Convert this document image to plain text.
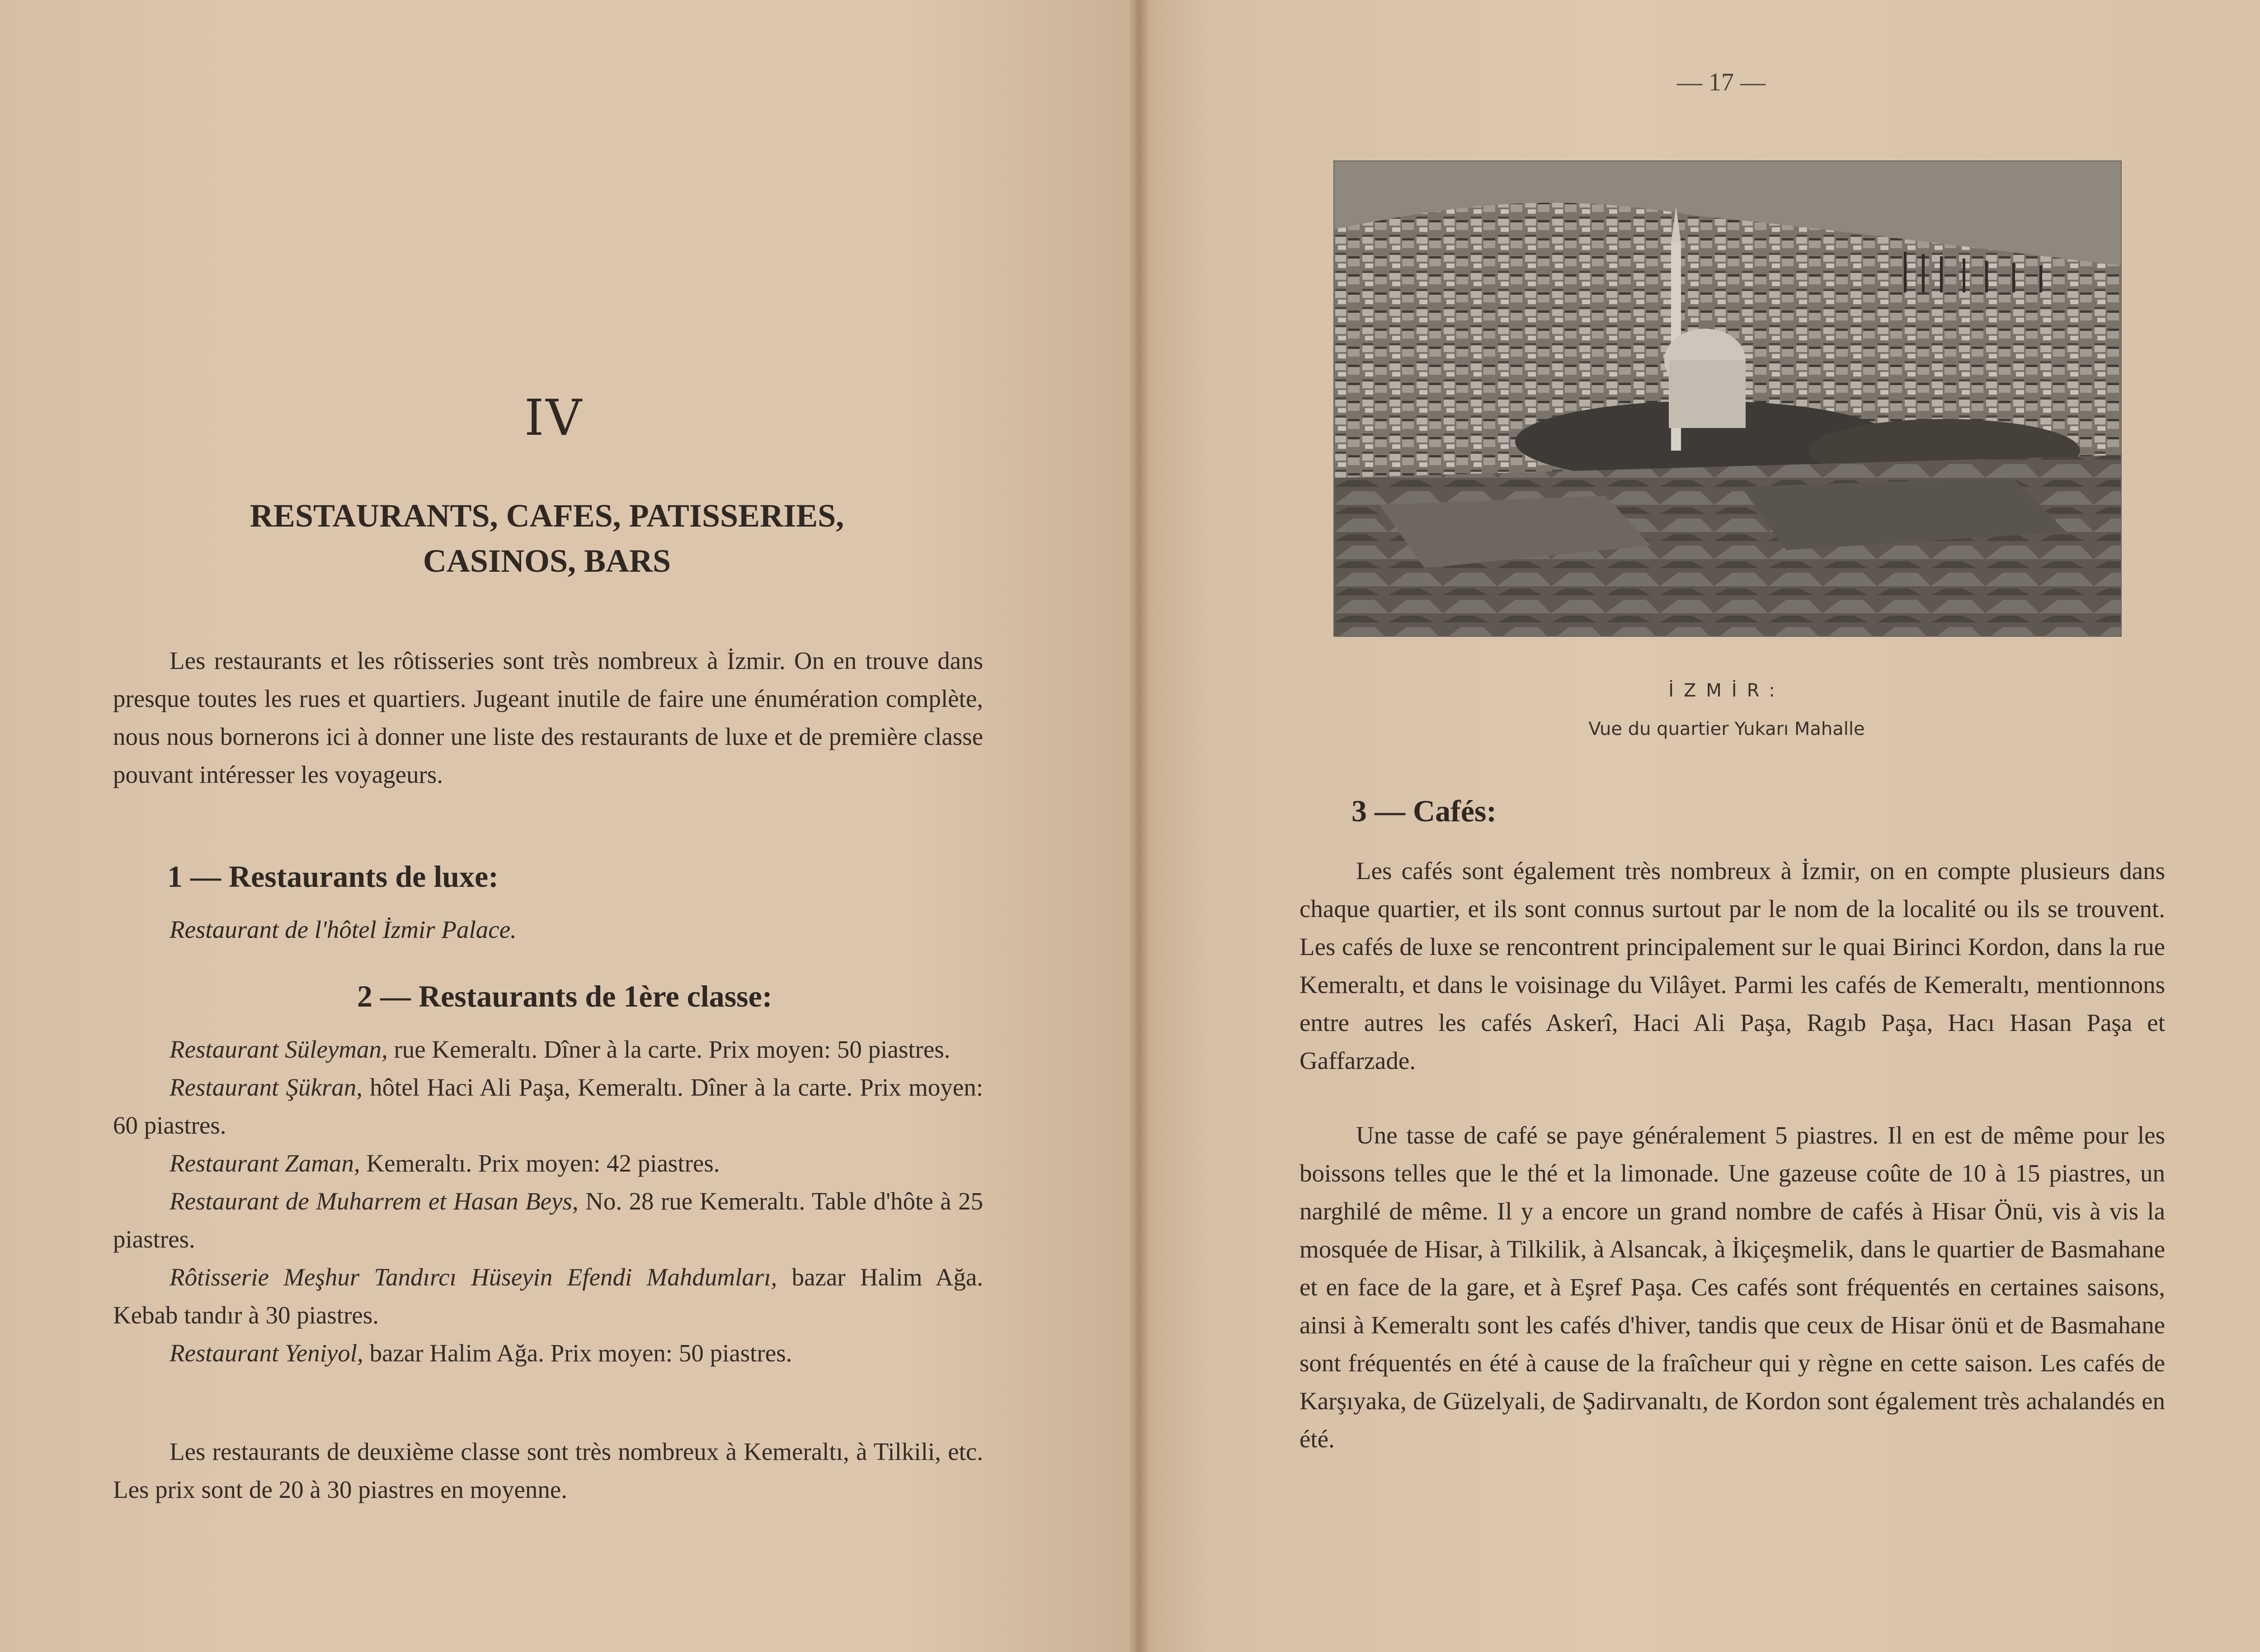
IV
RESTAURANTS, CAFES, PATISSERIES,
CASINOS, BARS
Les restaurants et les rôtisseries sont très nombreux à İzmir. On en trouve dans presque toutes les rues et quartiers. Jugeant inutile de faire une énumération complète, nous nous bornerons ici à donner une liste des restaurants de luxe et de première classe pouvant intéresser les voyageurs.
1 — Restaurants de luxe:
Restaurant de l'hôtel İzmir Palace.
2 — Restaurants de 1ère classe:
Restaurant Süleyman, rue Kemeraltı. Dîner à la carte. Prix moyen: 50 piastres.
Restaurant Şükran, hôtel Haci Ali Paşa, Kemeraltı. Dîner à la carte. Prix moyen: 60 piastres.
Restaurant Zaman, Kemeraltı. Prix moyen: 42 piastres.
Restaurant de Muharrem et Hasan Beys, No. 28 rue Kemeraltı. Table d'hôte à 25 piastres.
Rôtisserie Meşhur Tandırcı Hüseyin Efendi Mahdumları, bazar Halim Ağa. Kebab tandır à 30 piastres.
Restaurant Yeniyol, bazar Halim Ağa. Prix moyen: 50 piastres.
Les restaurants de deuxième classe sont très nombreux à Kemeraltı, à Tilkili, etc. Les prix sont de 20 à 30 piastres en moyenne.
— 17 —
İZMİR:
Vue du quartier Yukarı Mahalle
3 — Cafés:
Les cafés sont également très nombreux à İzmir, on en compte plusieurs dans chaque quartier, et ils sont connus surtout par le nom de la localité ou ils se trouvent. Les cafés de luxe se rencontrent principalement sur le quai Birinci Kordon, dans la rue Kemeraltı, et dans le voisinage du Vilâyet. Parmi les cafés de Kemeraltı, mentionnons entre autres les cafés Askerî, Haci Ali Paşa, Ragıb Paşa, Hacı Hasan Paşa et Gaffarzade.
Une tasse de café se paye généralement 5 piastres. Il en est de même pour les boissons telles que le thé et la limonade. Une gazeuse coûte de 10 à 15 piastres, un narghilé de même. Il y a encore un grand nombre de cafés à Hisar Önü, vis à vis la mosquée de Hisar, à Tilkilik, à Alsancak, à İkiçeşmelik, dans le quartier de Basmahane et en face de la gare, et à Eşref Paşa. Ces cafés sont fréquentés en certaines saisons, ainsi à Kemeraltı sont les cafés d'hiver, tandis que ceux de Hisar önü et de Basmahane sont fréquentés en été à cause de la fraîcheur qui y règne en cette saison. Les cafés de Karşıyaka, de Güzelyali, de Şadirvanaltı, de Kordon sont également très achalandés en été.
